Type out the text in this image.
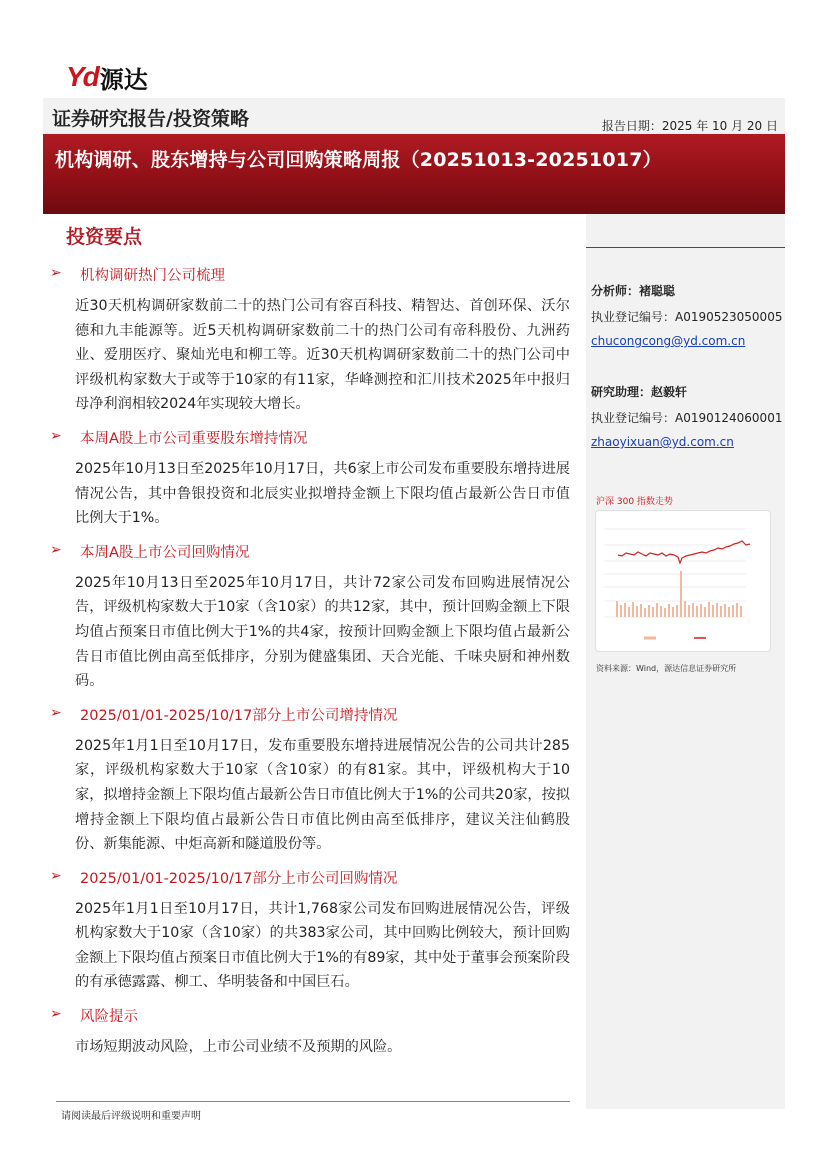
Yd 源达
证券研究报告/投资策略	报告日期：2025 年 10 月 20 日
机构调研、股东增持与公司回购策略周报（20251013-20251017）
投资要点
➢ 机构调研热门公司梳理
近30天机构调研家数前二十的热门公司有容百科技、精智达、首创环保、沃尔德和九丰能源等。近5天机构调研家数前二十的热门公司有帝科股份、九洲药业、爱朋医疗、聚灿光电和柳工等。近30天机构调研家数前二十的热门公司中评级机构家数大于或等于10家的有11家，华峰测控和汇川技术2025年中报归母净利润相较2024年实现较大增长。
➢ 本周A股上市公司重要股东增持情况
2025年10月13日至2025年10月17日，共6家上市公司发布重要股东增持进展情况公告，其中鲁银投资和北辰实业拟增持金额上下限均值占最新公告日市值比例大于1%。
➢ 本周A股上市公司回购情况
2025年10月13日至2025年10月17日，共计72家公司发布回购进展情况公告，评级机构家数大于10家（含10家）的共12家，其中，预计回购金额上下限均值占预案日市值比例大于1%的共4家，按预计回购金额上下限均值占最新公告日市值比例由高至低排序，分别为健盛集团、天合光能、千味央厨和神州数码。
➢ 2025/01/01-2025/10/17部分上市公司增持情况
2025年1月1日至10月17日，发布重要股东增持进展情况公告的公司共计285家，评级机构家数大于10家（含10家）的有81家。其中，评级机构大于10家，拟增持金额上下限均值占最新公告日市值比例大于1%的公司共20家，按拟增持金额上下限均值占最新公告日市值比例由高至低排序，建议关注仙鹤股份、新集能源、中炬高新和隧道股份等。
➢ 2025/01/01-2025/10/17部分上市公司回购情况
2025年1月1日至10月17日，共计1,768家公司发布回购进展情况公告，评级机构家数大于10家（含10家）的共383家公司，其中回购比例较大，预计回购金额上下限均值占预案日市值比例大于1%的有89家，其中处于董事会预案阶段的有承德露露、柳工、华明装备和中国巨石。
➢ 风险提示
市场短期波动风险，上市公司业绩不及预期的风险。
分析师：褚聪聪
执业登记编号：A0190523050005
chucongcong@yd.com.cn
研究助理：赵毅轩
执业登记编号：A0190124060001
zhaoyixuan@yd.com.cn
沪深 300 指数走势
资料来源：Wind，源达信息证券研究所
请阅读最后评级说明和重要声明
